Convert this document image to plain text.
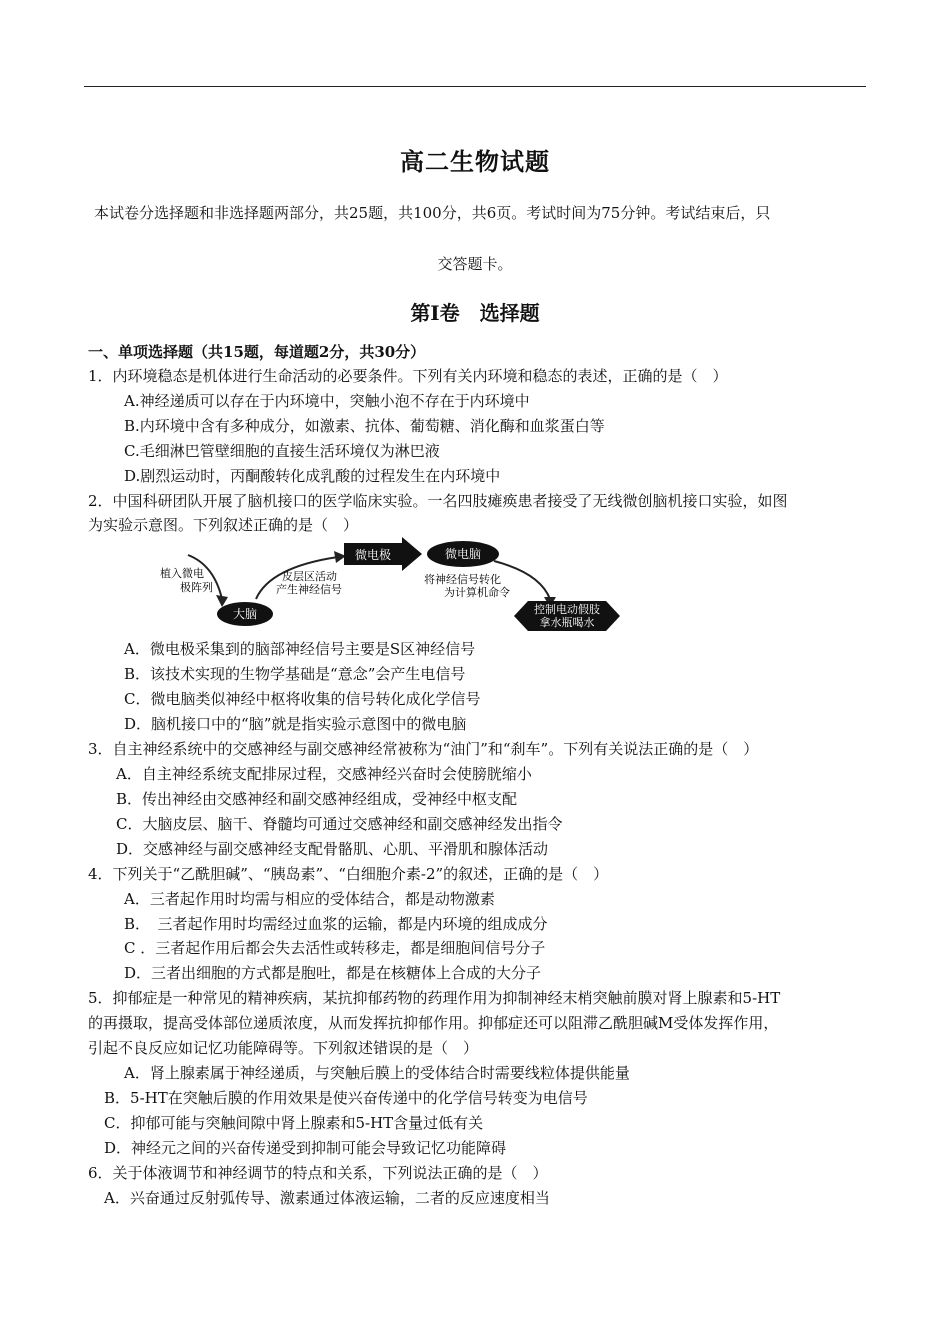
高二生物试题
本试卷分选择题和非选择题两部分，共25题，共100分，共6页。考试时间为75分钟。考试结束后，只
交答题卡。
第Ⅰ卷　选择题
一、单项选择题（共15题，每道题2分，共30分）
1．内环境稳态是机体进行生命活动的必要条件。下列有关内环境和稳态的表述，正确的是（　）
A.神经递质可以存在于内环境中，突触小泡不存在于内环境中
B.内环境中含有多种成分，如激素、抗体、葡萄糖、消化酶和血浆蛋白等
C.毛细淋巴管壁细胞的直接生活环境仅为淋巴液
D.剧烈运动时，丙酮酸转化成乳酸的过程发生在内环境中
2．中国科研团队开展了脑机接口的医学临床实验。一名四肢瘫痪患者接受了无线微创脑机接口实验，如图
为实验示意图。下列叙述正确的是（　）
植入微电
极阵列
大脑
皮层区活动
产生神经信号
微电极	微电脑
将神经信号转化
为计算机命令
控制电动假肢
拿水瓶喝水
A．微电极采集到的脑部神经信号主要是S区神经信号
B．该技术实现的生物学基础是“意念”会产生电信号
C．微电脑类似神经中枢将收集的信号转化成化学信号
D．脑机接口中的“脑”就是指实验示意图中的微电脑
3．自主神经系统中的交感神经与副交感神经常被称为“油门”和“刹车”。下列有关说法正确的是（　）
A．自主神经系统支配排尿过程，交感神经兴奋时会使膀胱缩小
B．传出神经由交感神经和副交感神经组成，受神经中枢支配
C．大脑皮层、脑干、脊髓均可通过交感神经和副交感神经发出指令
D．交感神经与副交感神经支配骨骼肌、心肌、平滑肌和腺体活动
4．下列关于“乙酰胆碱”、“胰岛素”、“白细胞介素-2”的叙述，正确的是（　）
A．三者起作用时均需与相应的受体结合，都是动物激素
B．　三者起作用时均需经过血浆的运输，都是内环境的组成成分
C ．三者起作用后都会失去活性或转移走，都是细胞间信号分子
D．三者出细胞的方式都是胞吐，都是在核糖体上合成的大分子
5．抑郁症是一种常见的精神疾病，某抗抑郁药物的药理作用为抑制神经末梢突触前膜对肾上腺素和5-HT
的再摄取，提高受体部位递质浓度，从而发挥抗抑郁作用。抑郁症还可以阻滞乙酰胆碱M受体发挥作用，
引起不良反应如记忆功能障碍等。下列叙述错误的是（　）
A．肾上腺素属于神经递质，与突触后膜上的受体结合时需要线粒体提供能量
B．5-HT在突触后膜的作用效果是使兴奋传递中的化学信号转变为电信号
C．抑郁可能与突触间隙中肾上腺素和5-HT含量过低有关
D．神经元之间的兴奋传递受到抑制可能会导致记忆功能障碍
6．关于体液调节和神经调节的特点和关系，下列说法正确的是（　）
A．兴奋通过反射弧传导、激素通过体液运输，二者的反应速度相当
